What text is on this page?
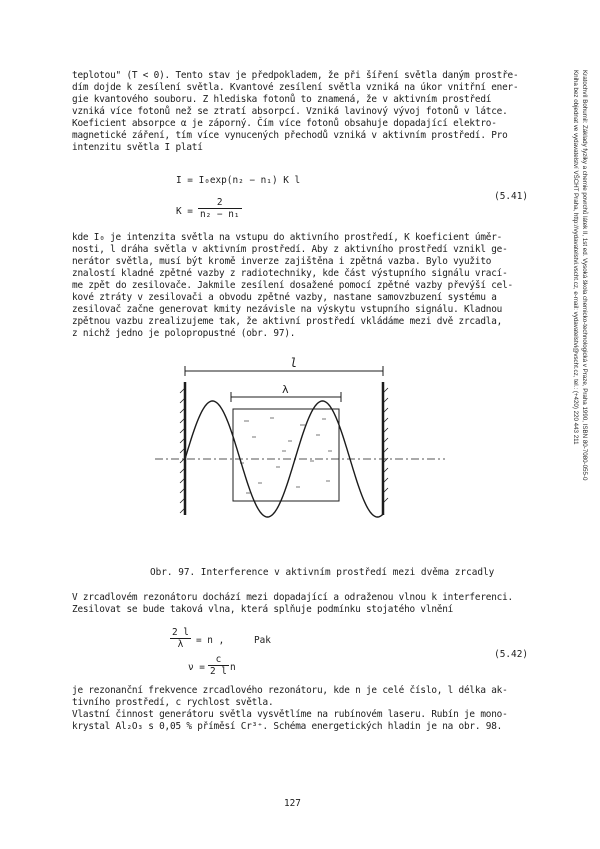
teplotou" (T < 0). Tento stav je předpokladem, že při šíření světla daným prostře-
dím dojde k zesílení světla. Kvantové zesílení světla vzniká na úkor vnitřní ener-
gie kvantového souboru. Z hlediska fotonů to znamená, že v aktivním prostředí
vzniká více fotonů než se ztratí absorpcí. Vzniká lavinový vývoj fotonů v látce.
Koeficient absorpce α je záporný. Čím více fotonů obsahuje dopadající elektro-
magnetické záření, tím více vynucených přechodů vzniká v aktivním prostředí. Pro
intenzitu světla I platí
I = I₀exp(n₂ − n₁) K l
$K = \frac{2}{\text{n₂ − n₁}}$
(5.41)
kde I₀ je intenzita světla na vstupu do aktivního prostředí, K koeficient úměr-
nosti, l dráha světla v aktivním prostředí. Aby z aktivního prostředí vznikl ge-
nerátor světla, musí být kromě inverze zajištěna i zpětná vazba. Bylo využito
znalostí kladné zpětné vazby z radiotechniky, kde část výstupního signálu vrací-
me zpět do zesilovače. Jakmile zesílení dosažené pomocí zpětné vazby převýší cel-
kové ztráty v zesilovači a obvodu zpětné vazby, nastane samovzbuzení systému a
zesilovač začne generovat kmity nezávisle na výskytu vstupního signálu. Kladnou
zpětnou vazbu zrealizujeme tak, že aktivní prostředí vkládáme mezi dvě zrcadla,
z nichž jedno je polopropustné (obr. 97).
l
λ
Obr. 97. Interference v aktivním prostředí mezi dvěma zrcadly
V zrcadlovém rezonátoru dochází mezi dopadající a odraženou vlnou k interferenci.
Zesilovat se bude taková vlna, která splňuje podmínku stojatého vlnění
$\frac{2 l}{\lambda} = n$ ,	Pak
$\nu = \frac{c}{2 l}$ n
(5.42)
je rezonanční frekvence zrcadlového rezonátoru, kde n je celé číslo, l délka ak-
tivního prostředí, c rychlost světla.
Vlastní činnost generátoru světla vysvětlíme na rubínovém laseru. Rubín je mono-
krystal Al₂O₃ s 0,05 % příměsí Cr³⁺. Schéma energetických hladin je na obr. 98.
127
Kratochvíl Bohumil: Základy fyziky a chemie povrchů látek II, 1st ed. Vysoká škola chemicko-technologická v Praze, Praha 1990, ISBN 80-7080-055-0
Kniha bez objednat ve vydavatelství VŠCHT Praha, http://vydavatelstvi.vscht.cz, e-mail: vydavatelstvi@vscht.cz, tel.: (+420) 220 443 211
